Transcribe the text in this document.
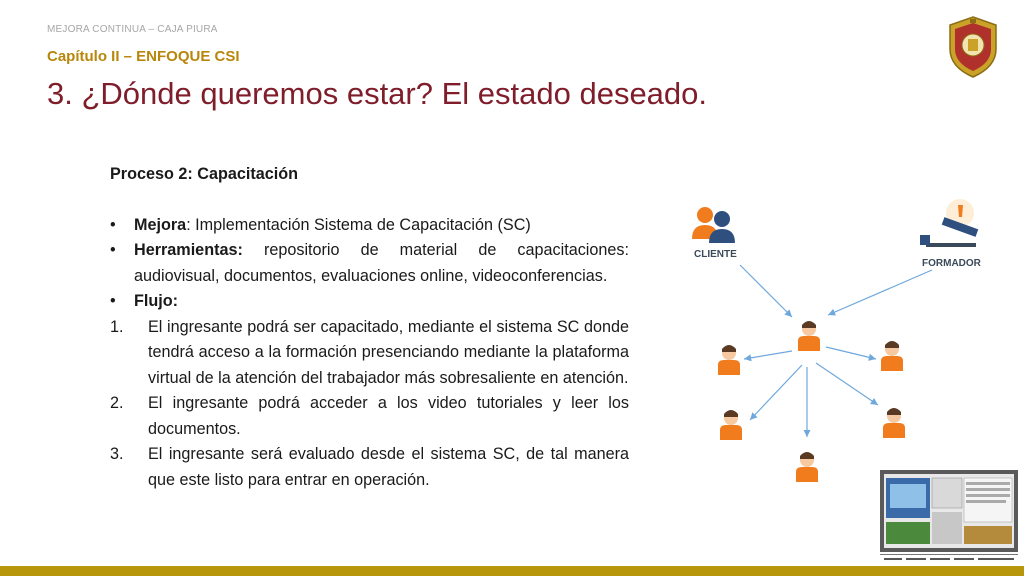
MEJORA CONTINUA – CAJA PIURA
Capítulo II – ENFOQUE CSI
3. ¿Dónde queremos estar? El estado deseado.
Proceso 2: Capacitación
• Mejora: Implementación Sistema de Capacitación (SC)
• Herramientas: repositorio de material de capacitaciones: audiovisual, documentos, evaluaciones online, videoconferencias.
• Flujo:
1. El ingresante podrá ser capacitado, mediante el sistema SC donde tendrá acceso a la formación presenciando mediante la plataforma virtual de la atención del trabajador más sobresaliente en atención.
2. El ingresante podrá acceder a los video tutoriales y leer los documentos.
3. El ingresante será evaluado desde el sistema SC, de tal manera que este listo para entrar en operación.
CLIENTE
FORMADOR
